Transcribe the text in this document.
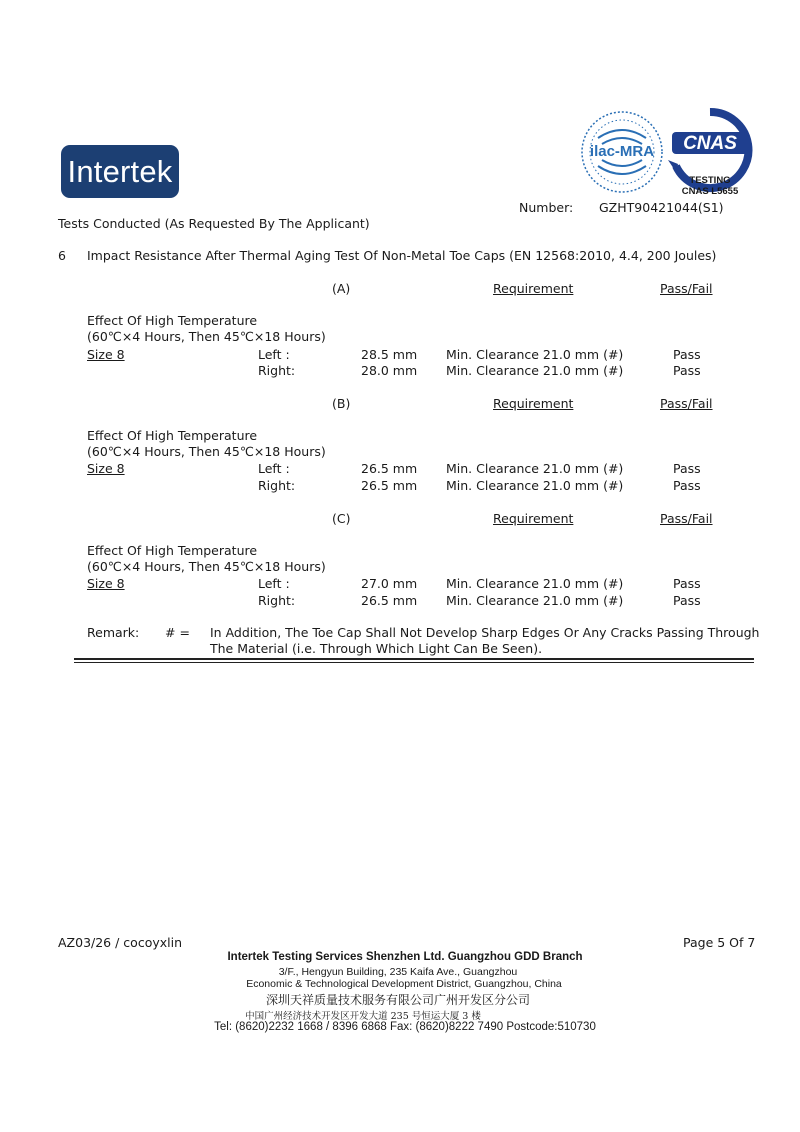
Intertek
ilac-MRA CNAS
TESTING
CNAS L5655
Number: GZHT90421044(S1)
Tests Conducted (As Requested By The Applicant)
6 Impact Resistance After Thermal Aging Test Of Non-Metal Toe Caps (EN 12568:2010, 4.4, 200 Joules)
(A)	Requirement	Pass/Fail
Effect Of High Temperature
(60℃×4 Hours, Then 45℃×18 Hours)
Size 8	Left :	28.5 mm Min. Clearance 21.0 mm (#)	Pass
Right:	28.0 mm Min. Clearance 21.0 mm (#)	Pass
(B)	Requirement	Pass/Fail
Effect Of High Temperature
(60℃×4 Hours, Then 45℃×18 Hours)
Size 8	Left :	26.5 mm Min. Clearance 21.0 mm (#)	Pass
Right:	26.5 mm Min. Clearance 21.0 mm (#)	Pass
(C)	Requirement	Pass/Fail
Effect Of High Temperature
(60℃×4 Hours, Then 45℃×18 Hours)
Size 8	Left :	27.0 mm Min. Clearance 21.0 mm (#)	Pass
Right:	26.5 mm Min. Clearance 21.0 mm (#)	Pass
Remark: # = In Addition, The Toe Cap Shall Not Develop Sharp Edges Or Any Cracks Passing Through
The Material (i.e. Through Which Light Can Be Seen).
AZ03/26 / cocoyxlin	Page 5 Of 7
Intertek Testing Services Shenzhen Ltd. Guangzhou GDD Branch
3/F., Hengyun Building, 235 Kaifa Ave., Guangzhou
Economic & Technological Development District, Guangzhou, China
深圳天祥质量技术服务有限公司广州开发区分公司
中国广州经济技术开发区开发大道 235 号恒运大厦 3 楼
Tel: (8620)2232 1668 / 8396 6868 Fax: (8620)8222 7490 Postcode:510730
